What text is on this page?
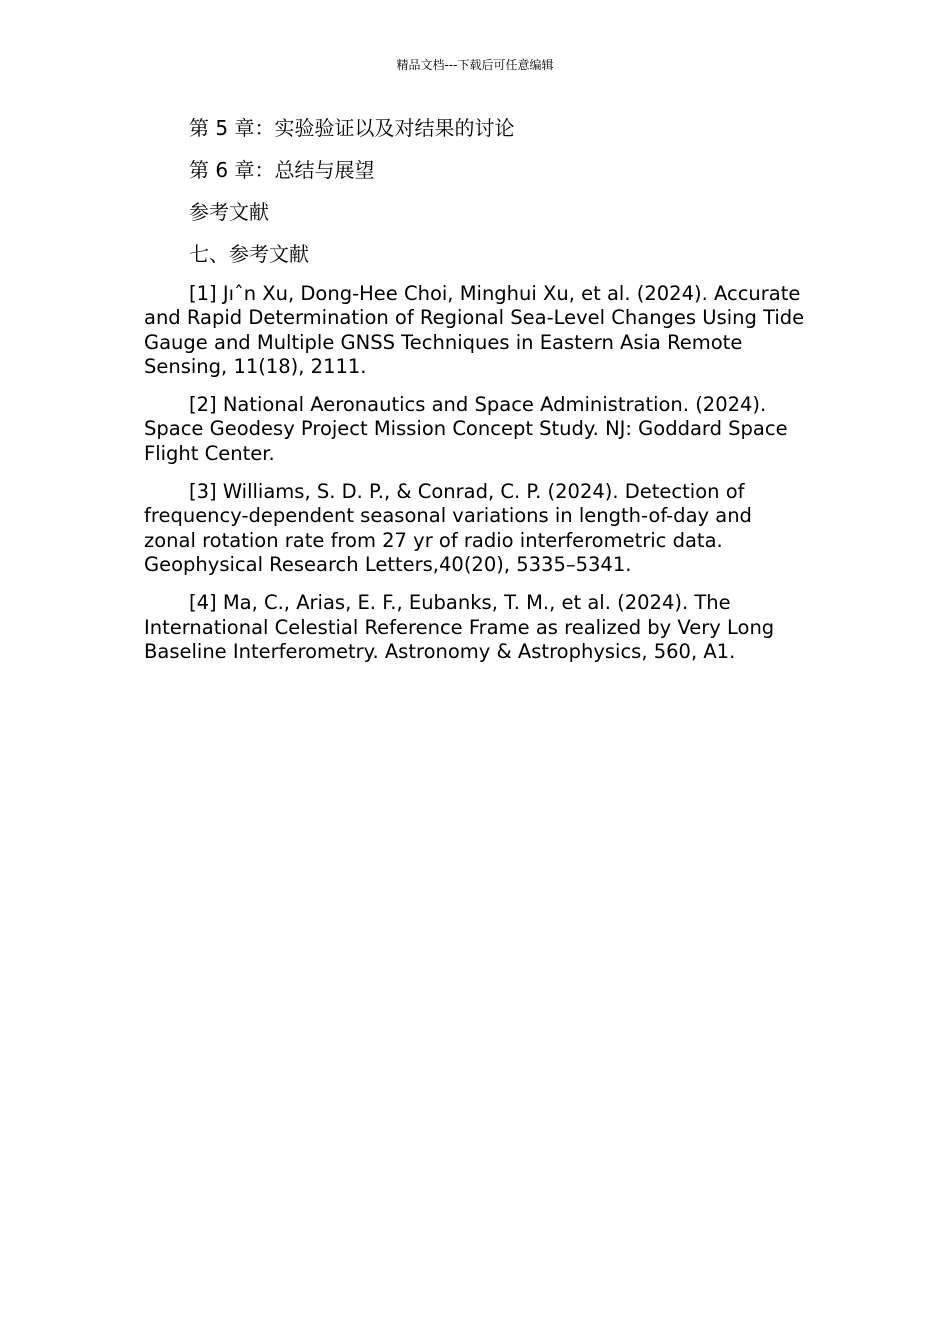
精品文档---下载后可任意编辑

第 5 章：实验验证以及对结果的讨论

第 6 章：总结与展望

参考文献

七、参考文献

[1] Jıˆn Xu, Dong-Hee Choi, Minghui Xu, et al. (2024). Accurate and Rapid Determination of Regional Sea-Level Changes Using Tide Gauge and Multiple GNSS Techniques in Eastern Asia Remote Sensing, 11(18), 2111.

[2] National Aeronautics and Space Administration. (2024). Space Geodesy Project Mission Concept Study. NJ: Goddard Space Flight Center.

[3] Williams, S. D. P., & Conrad, C. P. (2024). Detection of frequency-dependent seasonal variations in length-of-day and zonal rotation rate from 27 yr of radio interferometric data. Geophysical Research Letters,40(20), 5335–5341.

[4] Ma, C., Arias, E. F., Eubanks, T. M., et al. (2024). The International Celestial Reference Frame as realized by Very Long Baseline Interferometry. Astronomy & Astrophysics, 560, A1.
